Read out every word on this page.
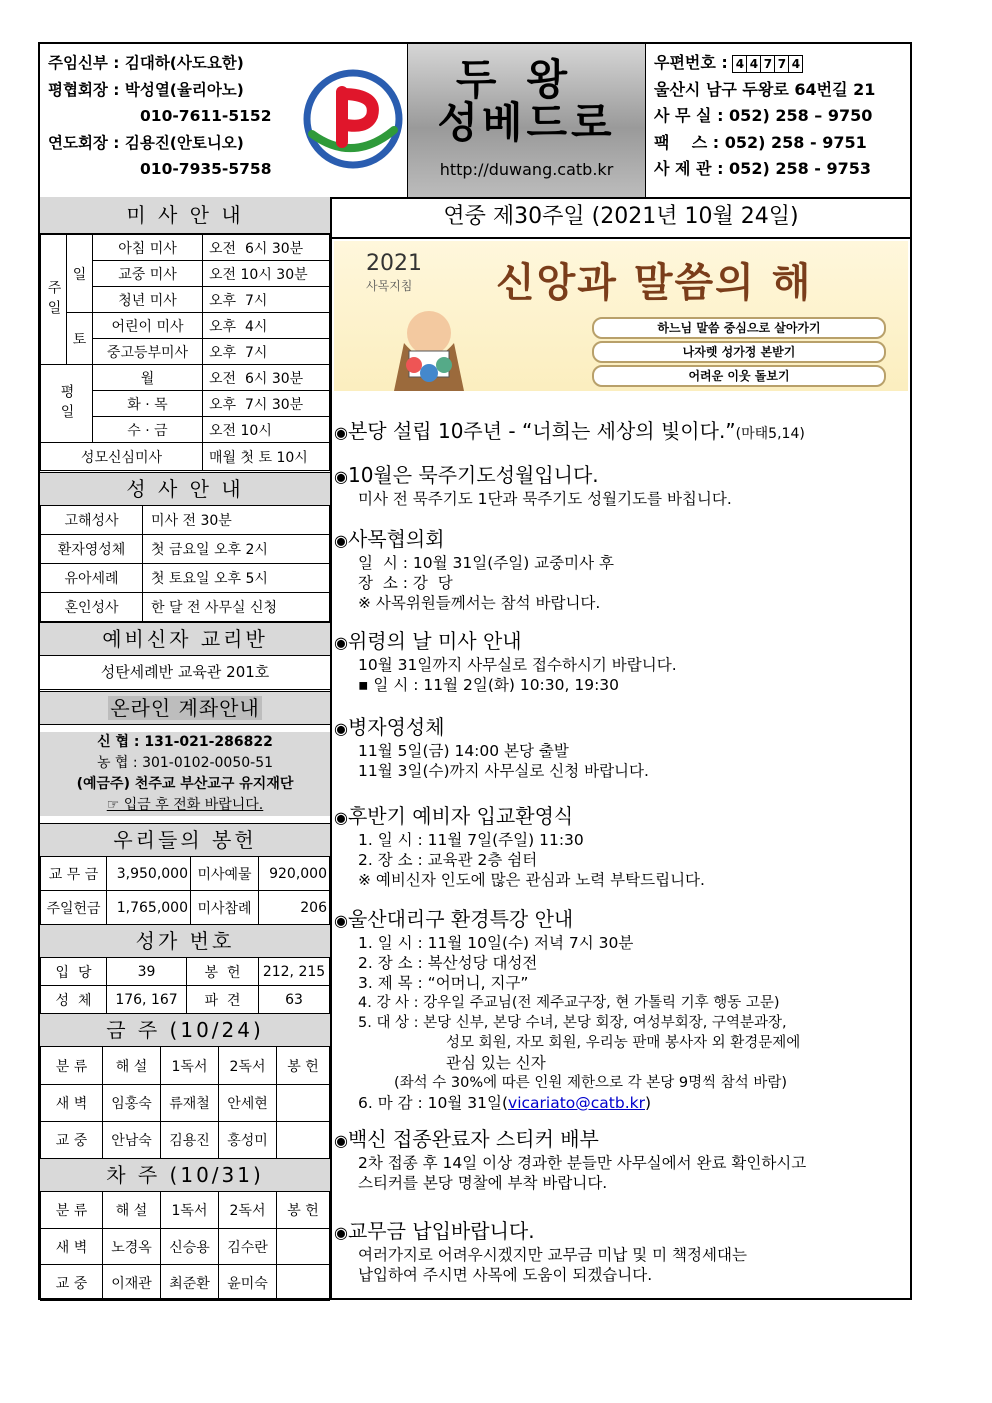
주임신부 : 김대하(사도요한)
평협회장 : 박성열(율리아노)
010-7611-5152
연도회장 : 김용진(안토니오)
010-7935-5758
두왕
성베드로
http://duwang.catb.kr
우편번호 : 4 4 7 7 4
울산시 남구 두왕로 64번길 21
사 무 실 : 052) 258 – 9750
팩    스 : 052) 258 - 9751
사 제 관 : 052) 258 - 9753
미 사 안 내
주일	일	아침 미사	오전  6시 30분
		교중 미사	오전 10시 30분
		청년 미사	오후  7시
	토	어린이 미사	오후  4시
		중고등부미사	오후  7시
평일		월	오전  6시 30분
		화 · 목	오후  7시 30분
		수 · 금	오전 10시
성모신심미사			매월 첫 토 10시
성 사 안 내
고해성사	미사 전 30분
환자영성체	첫 금요일 오후 2시
유아세례	첫 토요일 오후 5시
혼인성사	한 달 전 사무실 신청
예비신자 교리반
성탄세례반 교육관 201호
온라인 계좌안내
신 협 : 131-021-286822
농 협 : 301-0102-0050-51
(예금주) 천주교 부산교구 유지재단
☞ 입금 후 전화 바랍니다.
우리들의 봉헌
교 무 금	3,950,000	미사예물	920,000
주일헌금	1,765,000	미사참례	206
성가 번호
입  당	39	봉  헌	212, 215
성  체	176, 167	파  견	63
금 주 (10/24)
분 류	해 설	1독서	2독서	봉 헌
새 벽	임홍숙	류재철	안세현	
교 중	안남숙	김용진	홍성미	
차 주 (10/31)
분 류	해 설	1독서	2독서	봉 헌
새 벽	노경옥	신승용	김수란	
교 중	이재관	최준환	윤미숙	
연중 제30주일 (2021년 10월 24일)
2021
사목지침 신앙과 말씀의 해
하느님 말씀 중심으로 살아가기
나자렛 성가정 본받기
어려운 이웃 돌보기
◉본당 설립 10주년 - “너희는 세상의 빛이다.”(마태5,14)
◉10월은 묵주기도성월입니다.
미사 전 묵주기도 1단과 묵주기도 성월기도를 바칩니다.
◉사목협의회
일  시 : 10월 31일(주일) 교중미사 후
장  소 : 강  당
※ 사목위원들께서는 참석 바랍니다.
◉위령의 날 미사 안내
10월 31일까지 사무실로 접수하시기 바랍니다.
▪ 일 시 : 11월 2일(화) 10:30, 19:30
◉병자영성체
11월 5일(금) 14:00 본당 출발
11월 3일(수)까지 사무실로 신청 바랍니다.
◉후반기 예비자 입교환영식
1. 일 시 : 11월 7일(주일) 11:30
2. 장 소 : 교육관 2층 쉼터
※ 예비신자 인도에 많은 관심과 노력 부탁드립니다.
◉울산대리구 환경특강 안내
1. 일 시 : 11월 10일(수) 저녁 7시 30분
2. 장 소 : 복산성당 대성전
3. 제 목 : “어머니, 지구”
4. 강 사 : 강우일 주교님(전 제주교구장, 현 가톨릭 기후 행동 고문)
5. 대 상 : 본당 신부, 본당 수녀, 본당 회장, 여성부회장, 구역분과장,
성모 회원, 자모 회원, 우리농 판매 봉사자 외 환경문제에
관심 있는 신자
(좌석 수 30%에 따른 인원 제한으로 각 본당 9명씩 참석 바람)
6. 마 감 : 10월 31일(vicariato@catb.kr)
◉백신 접종완료자 스티커 배부
2차 접종 후 14일 이상 경과한 분들만 사무실에서 완료 확인하시고
스티커를 본당 명찰에 부착 바랍니다.
◉교무금 납입바랍니다.
여러가지로 어려우시겠지만 교무금 미납 및 미 책정세대는
납입하여 주시면 사목에 도움이 되겠습니다.
